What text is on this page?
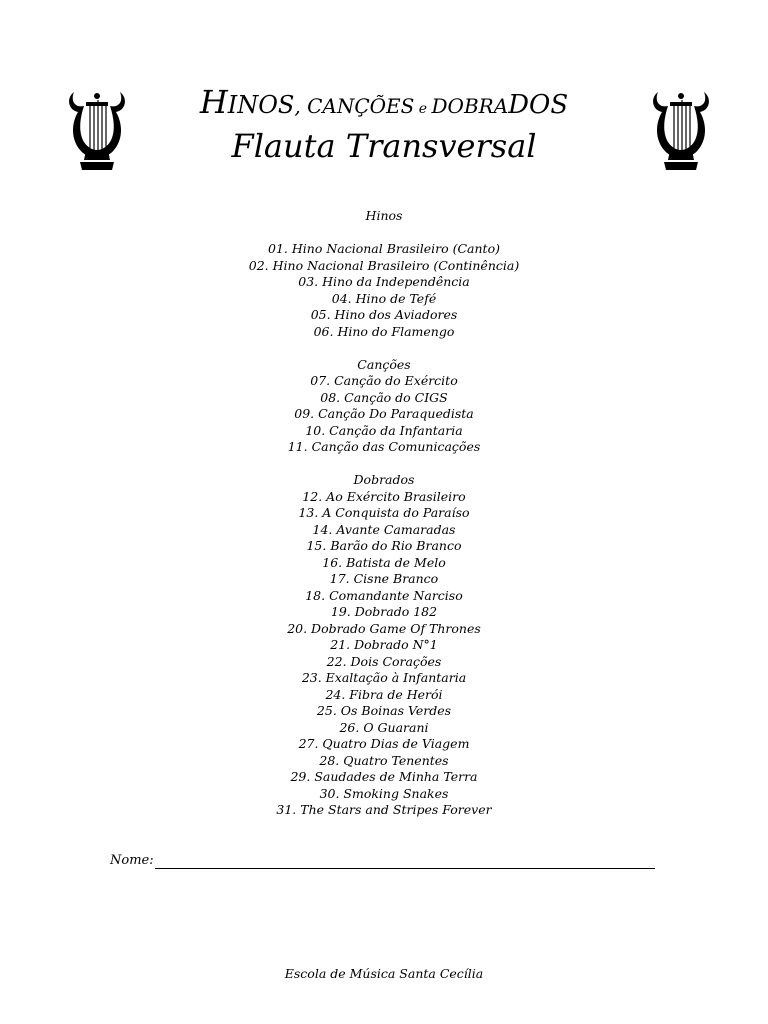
HINOS, CANÇÕES e DOBRADOS
Flauta Transversal
Hinos
01. Hino Nacional Brasileiro (Canto)
02. Hino Nacional Brasileiro (Continência)
03. Hino da Independência
04. Hino de Tefé
05. Hino dos Aviadores
06. Hino do Flamengo
Canções
07. Canção do Exército
08. Canção do CIGS
09. Canção Do Paraquedista
10. Canção da Infantaria
11. Canção das Comunicações
Dobrados
12. Ao Exército Brasileiro
13. A Conquista do Paraíso
14. Avante Camaradas
15. Barão do Rio Branco
16. Batista de Melo
17. Cisne Branco
18. Comandante Narciso
19. Dobrado 182
20. Dobrado Game Of Thrones
21. Dobrado N°1
22. Dois Corações
23. Exaltação à Infantaria
24. Fibra de Herói
25. Os Boinas Verdes
26. O Guarani
27. Quatro Dias de Viagem
28. Quatro Tenentes
29. Saudades de Minha Terra
30. Smoking Snakes
31. The Stars and Stripes Forever
Nome:
Escola de Música Santa Cecília
